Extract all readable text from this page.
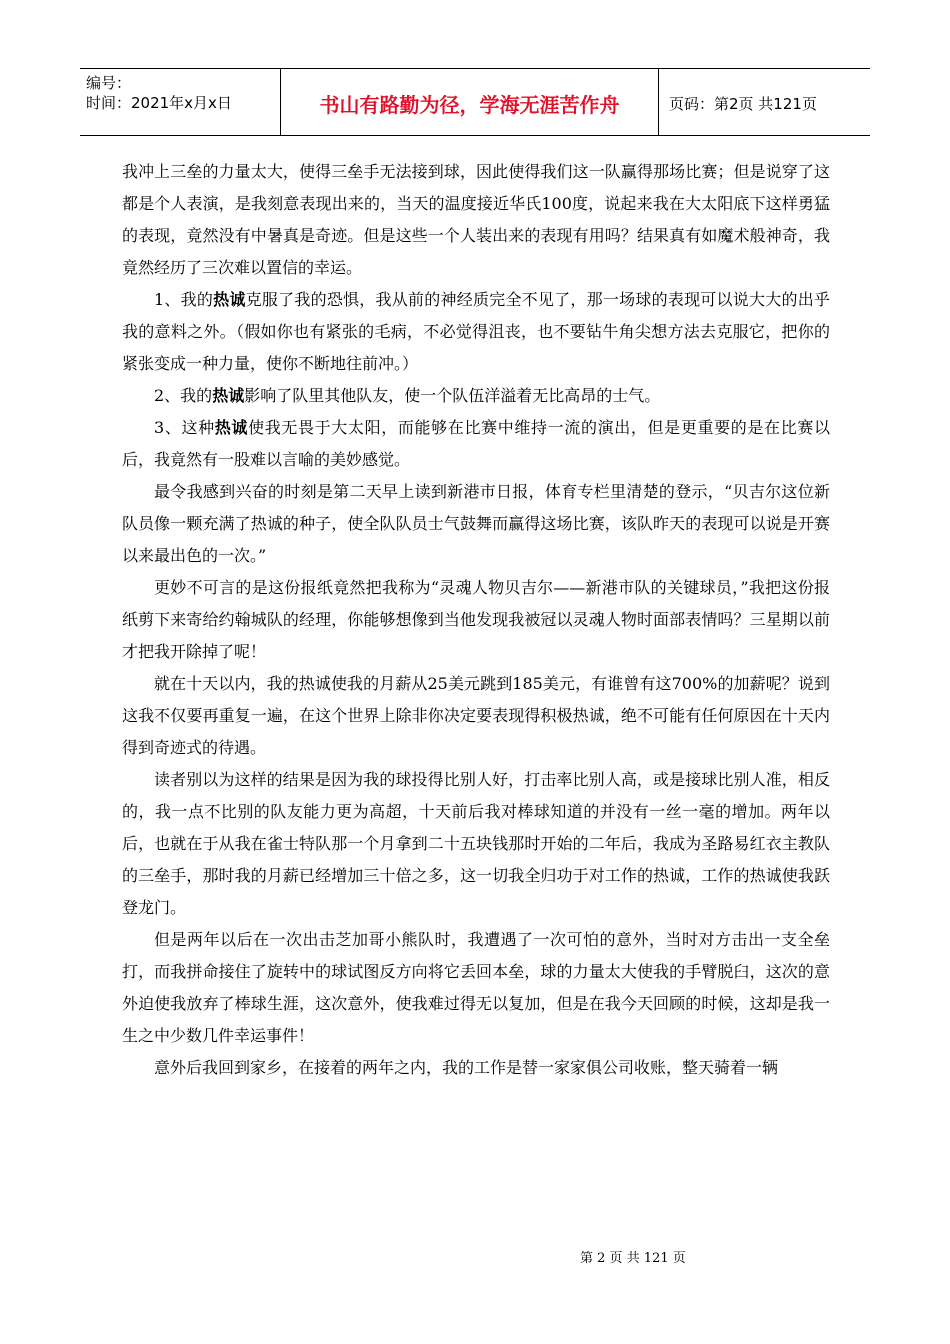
编号：
时间：2021年x月x日	书山有路勤为径，学海无涯苦作舟	页码：第2页 共121页

我冲上三垒的力量太大，使得三垒手无法接到球，因此使得我们这一队赢得那场比赛；但是说穿了这都是个人表演，是我刻意表现出来的，当天的温度接近华氏100度，说起来我在大太阳底下这样勇猛的表现，竟然没有中暑真是奇迹。但是这些一个人装出来的表现有用吗？结果真有如魔术般神奇，我竟然经历了三次难以置信的幸运。

1、我的热诚克服了我的恐惧，我从前的神经质完全不见了，那一场球的表现可以说大大的出乎我的意料之外。（假如你也有紧张的毛病，不必觉得沮丧，也不要钻牛角尖想方法去克服它，把你的紧张变成一种力量，使你不断地往前冲。）

2、我的热诚影响了队里其他队友，使一个队伍洋溢着无比高昂的士气。

3、这种热诚使我无畏于大太阳，而能够在比赛中维持一流的演出，但是更重要的是在比赛以后，我竟然有一股难以言喻的美妙感觉。

最令我感到兴奋的时刻是第二天早上读到新港市日报，体育专栏里清楚的登示，“贝吉尔这位新队员像一颗充满了热诚的种子，使全队队员士气鼓舞而赢得这场比赛，该队昨天的表现可以说是开赛以来最出色的一次。”

更妙不可言的是这份报纸竟然把我称为“灵魂人物贝吉尔——新港市队的关键球员，”我把这份报纸剪下来寄给约翰城队的经理，你能够想像到当他发现我被冠以灵魂人物时面部表情吗？三星期以前才把我开除掉了呢！

就在十天以内，我的热诚使我的月薪从25美元跳到185美元，有谁曾有这700%的加薪呢？说到这我不仅要再重复一遍，在这个世界上除非你决定要表现得积极热诚，绝不可能有任何原因在十天内得到奇迹式的待遇。

读者别以为这样的结果是因为我的球投得比别人好，打击率比别人高，或是接球比别人准，相反的，我一点不比别的队友能力更为高超，十天前后我对棒球知道的并没有一丝一毫的增加。两年以后，也就在于从我在雀士特队那一个月拿到二十五块钱那时开始的二年后，我成为圣路易红衣主教队的三垒手，那时我的月薪已经增加三十倍之多，这一切我全归功于对工作的热诚，工作的热诚使我跃登龙门。

但是两年以后在一次出击芝加哥小熊队时，我遭遇了一次可怕的意外，当时对方击出一支全垒打，而我拼命接住了旋转中的球试图反方向将它丢回本垒，球的力量太大使我的手臂脱臼，这次的意外迫使我放弃了棒球生涯，这次意外，使我难过得无以复加，但是在我今天回顾的时候，这却是我一生之中少数几件幸运事件！

意外后我回到家乡，在接着的两年之内，我的工作是替一家家俱公司收账，整天骑着一辆

第 2 页 共 121 页
